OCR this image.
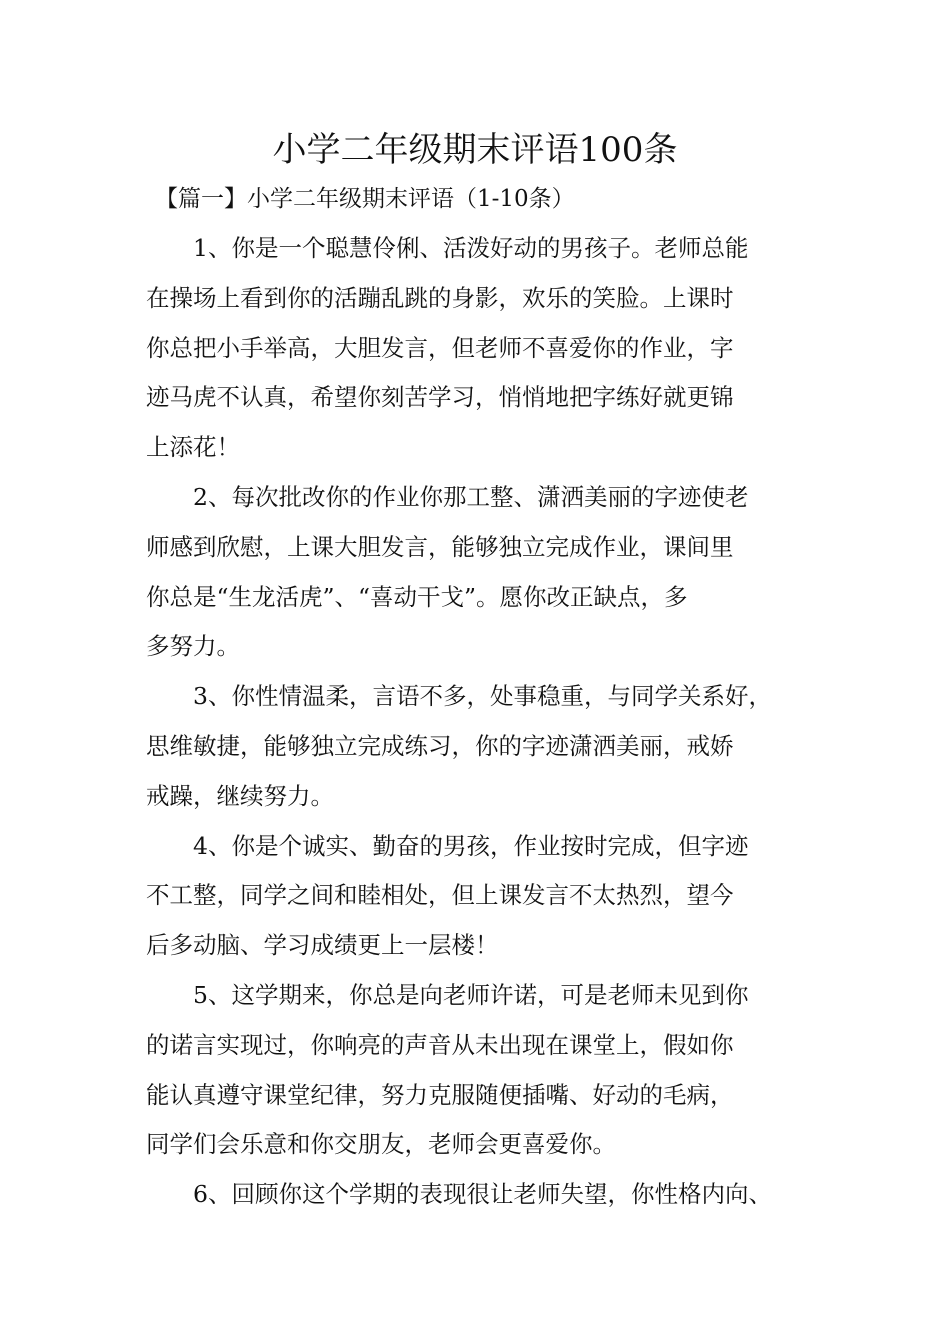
小学二年级期末评语100条
【篇一】小学二年级期末评语（1-10条）
1、你是一个聪慧伶俐、活泼好动的男孩子。老师总能
在操场上看到你的活蹦乱跳的身影，欢乐的笑脸。上课时
你总把小手举高，大胆发言，但老师不喜爱你的作业，字
迹马虎不认真，希望你刻苦学习，悄悄地把字练好就更锦
上添花！
2、每次批改你的作业你那工整、潇洒美丽的字迹使老
师感到欣慰，上课大胆发言，能够独立完成作业，课间里
你总是“生龙活虎”、“喜动干戈”。愿你改正缺点，多
多努力。
3、你性情温柔，言语不多，处事稳重，与同学关系好，
思维敏捷，能够独立完成练习，你的字迹潇洒美丽，戒娇
戒躁，继续努力。
4、你是个诚实、勤奋的男孩，作业按时完成，但字迹
不工整，同学之间和睦相处，但上课发言不太热烈，望今
后多动脑、学习成绩更上一层楼！
5、这学期来，你总是向老师许诺，可是老师未见到你
的诺言实现过，你响亮的声音从未出现在课堂上，假如你
能认真遵守课堂纪律，努力克服随便插嘴、好动的毛病，
同学们会乐意和你交朋友，老师会更喜爱你。
6、回顾你这个学期的表现很让老师失望，你性格内向、
